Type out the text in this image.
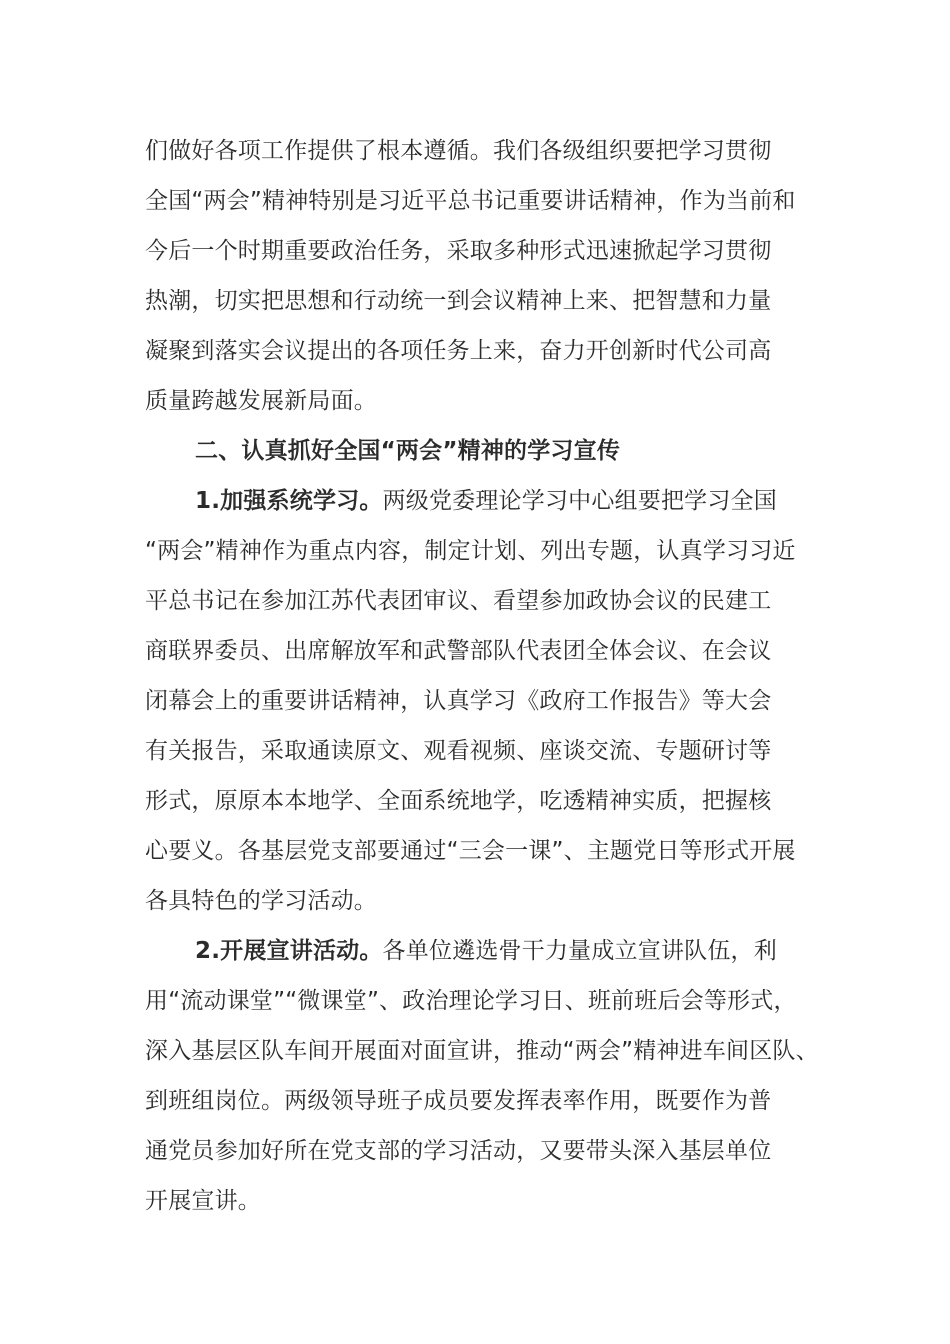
们做好各项工作提供了根本遵循。我们各级组织要把学习贯彻
全国“两会”精神特别是习近平总书记重要讲话精神，作为当前和
今后一个时期重要政治任务，采取多种形式迅速掀起学习贯彻
热潮，切实把思想和行动统一到会议精神上来、把智慧和力量
凝聚到落实会议提出的各项任务上来，奋力开创新时代公司高
质量跨越发展新局面。
二、认真抓好全国“两会”精神的学习宣传
1.加强系统学习。两级党委理论学习中心组要把学习全国
“两会”精神作为重点内容，制定计划、列出专题，认真学习习近
平总书记在参加江苏代表团审议、看望参加政协会议的民建工
商联界委员、出席解放军和武警部队代表团全体会议、在会议
闭幕会上的重要讲话精神，认真学习《政府工作报告》等大会
有关报告，采取通读原文、观看视频、座谈交流、专题研讨等
形式，原原本本地学、全面系统地学，吃透精神实质，把握核
心要义。各基层党支部要通过“三会一课”、主题党日等形式开展
各具特色的学习活动。
2.开展宣讲活动。各单位遴选骨干力量成立宣讲队伍，利
用“流动课堂”“微课堂”、政治理论学习日、班前班后会等形式，
深入基层区队车间开展面对面宣讲，推动“两会”精神进车间区队、
到班组岗位。两级领导班子成员要发挥表率作用，既要作为普
通党员参加好所在党支部的学习活动，又要带头深入基层单位
开展宣讲。
